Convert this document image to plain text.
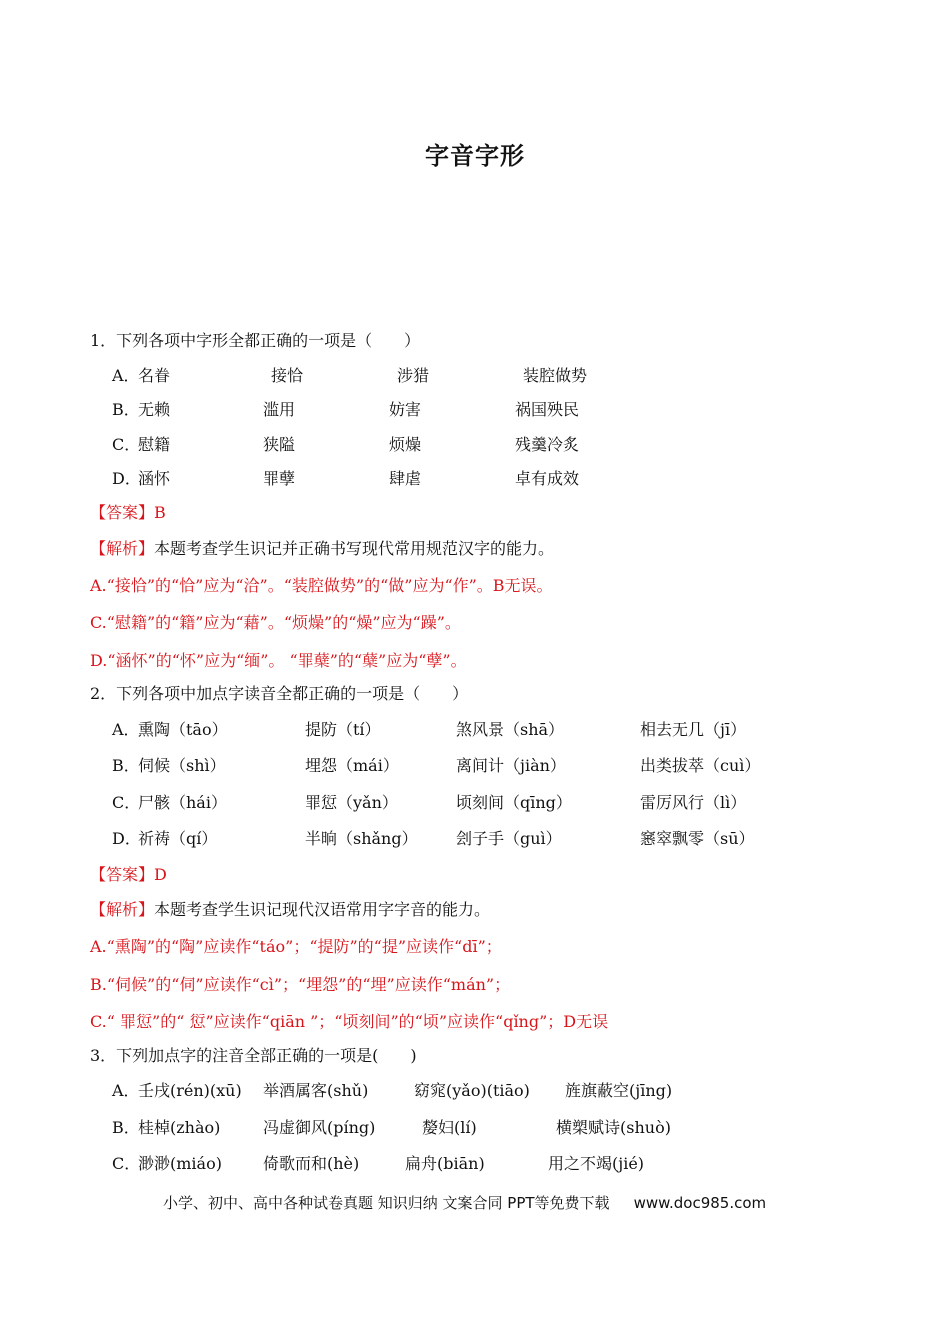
字音字形
1．下列各项中字形全都正确的一项是（　　）
A．
名眷	接恰	涉猎	装腔做势
B．
无赖	滥用	妨害	祸国殃民
C．
慰籍	狭隘	烦燥	残羹冷炙
D．
涵怀	罪孽	肆虐	卓有成效
【答案】B
【解析】本题考查学生识记并正确书写现代常用规范汉字的能力。
A.“接恰”的“恰”应为“洽”。“装腔做势”的“做”应为“作”。B无误。
C.“慰籍”的“籍”应为“藉”。“烦燥”的“燥”应为“躁”。
D.“涵怀”的“怀”应为“缅”。 “罪蘖”的“蘖”应为“孽”。
2．下列各项中加点字读音全都正确的一项是（　　）
A．
熏陶（tāo）	提防（tí）	煞风景（shā）	相去无几（jī）
B．
伺候（shì）	埋怨（mái）	离间计（jiàn）	出类拔萃（cuì）
C．
尸骸（hái）	罪愆（yǎn）	顷刻间（qīng）	雷厉风行（lì）
D．
祈祷（qí）	半晌（shǎng） 刽子手（guì）	窸窣飘零（sū）
【答案】D
【解析】本题考查学生识记现代汉语常用字字音的能力。
A.“熏陶”的“陶”应读作“táo”；“提防”的“提”应读作“dī”；
B.“伺候”的“伺”应读作“cì”；“埋怨”的“埋”应读作“mán”；
C.“ 罪愆”的“ 愆”应读作“qiān ”；“顷刻间”的“顷”应读作“qǐng”；D无误
3．下列加点字的注音全部正确的一项是(　　)
A．
壬戌(rén)(xū) 举酒属客(shǔ)	窈窕(yǎo)(tiāo) 旌旗蔽空(jīng)
B．
桂棹(zhào)	冯虚御风(píng)	嫠妇(lí)	横槊赋诗(shuò)
C．
渺渺(miáo)	倚歌而和(hè)	扁舟(biān)	用之不竭(jié)
小学、初中、高中各种试卷真题 知识归纳 文案合同 PPT等免费下载 www.doc985.com
